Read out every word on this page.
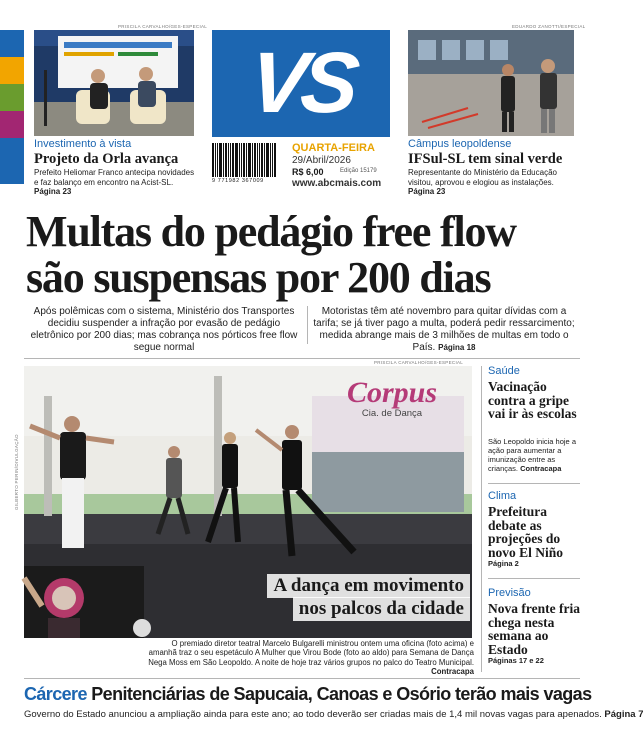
PRISCILA CARVALHO/GES-ESPECIAL
Investimento à vista
Projeto da Orla avança
Prefeito Heliomar Franco antecipa novidades e faz balanço em encontro na Acist-SL. Página 23
VS
9 771982 367009
QUARTA-FEIRA
29/Abril/2026
R$ 6,00	Edição 15179
www.abcmais.com
EDUARDO ZANOTTI/ESPECIAL
Câmpus leopoldense
IFSul-SL tem sinal verde
Representante do Ministério da Educação visitou, aprovou e elogiou as instalações. Página 23
Multas do pedágio free flow
são suspensas por 200 dias
Após polêmicas com o sistema, Ministério dos Transportes decidiu suspender a infração por evasão de pedágio eletrônico por 200 dias; mas cobrança nos pórticos free flow segue normal
Motoristas têm até novembro para quitar dívidas com a tarifa; se já tiver pago a multa, poderá pedir ressarcimento; medida abrange mais de 3 milhões de multas em todo o País. Página 18
PRISCILA CARVALHO/GES-ESPECIAL
Corpus
Cia. de Dança
GILBERTO PERIN/DIVULGAÇÃO
A dança em movimento
nos palcos da cidade
O premiado diretor teatral Marcelo Bulgarelli ministrou ontem uma oficina (foto acima) e amanhã traz o seu espetáculo A Mulher que Virou Bode (foto ao aldo) para Semana de Dança Nega Moss em São Leopoldo. A noite de hoje traz vários grupos no palco do Teatro Municipal. Contracapa
Saúde
Vacinação contra a gripe vai ir às escolas
São Leopoldo inicia hoje a ação para aumentar a imunização entre as crianças. Contracapa
Clima
Prefeitura debate as projeções do novo El Niño
Página 2
Previsão
Nova frente fria chega nesta semana ao Estado
Páginas 17 e 22
Cárcere Penitenciárias de Sapucaia, Canoas e Osório terão mais vagas
Governo do Estado anunciou a ampliação ainda para este ano; ao todo deverão ser criadas mais de 1,4 mil novas vagas para apenados. Página 7
